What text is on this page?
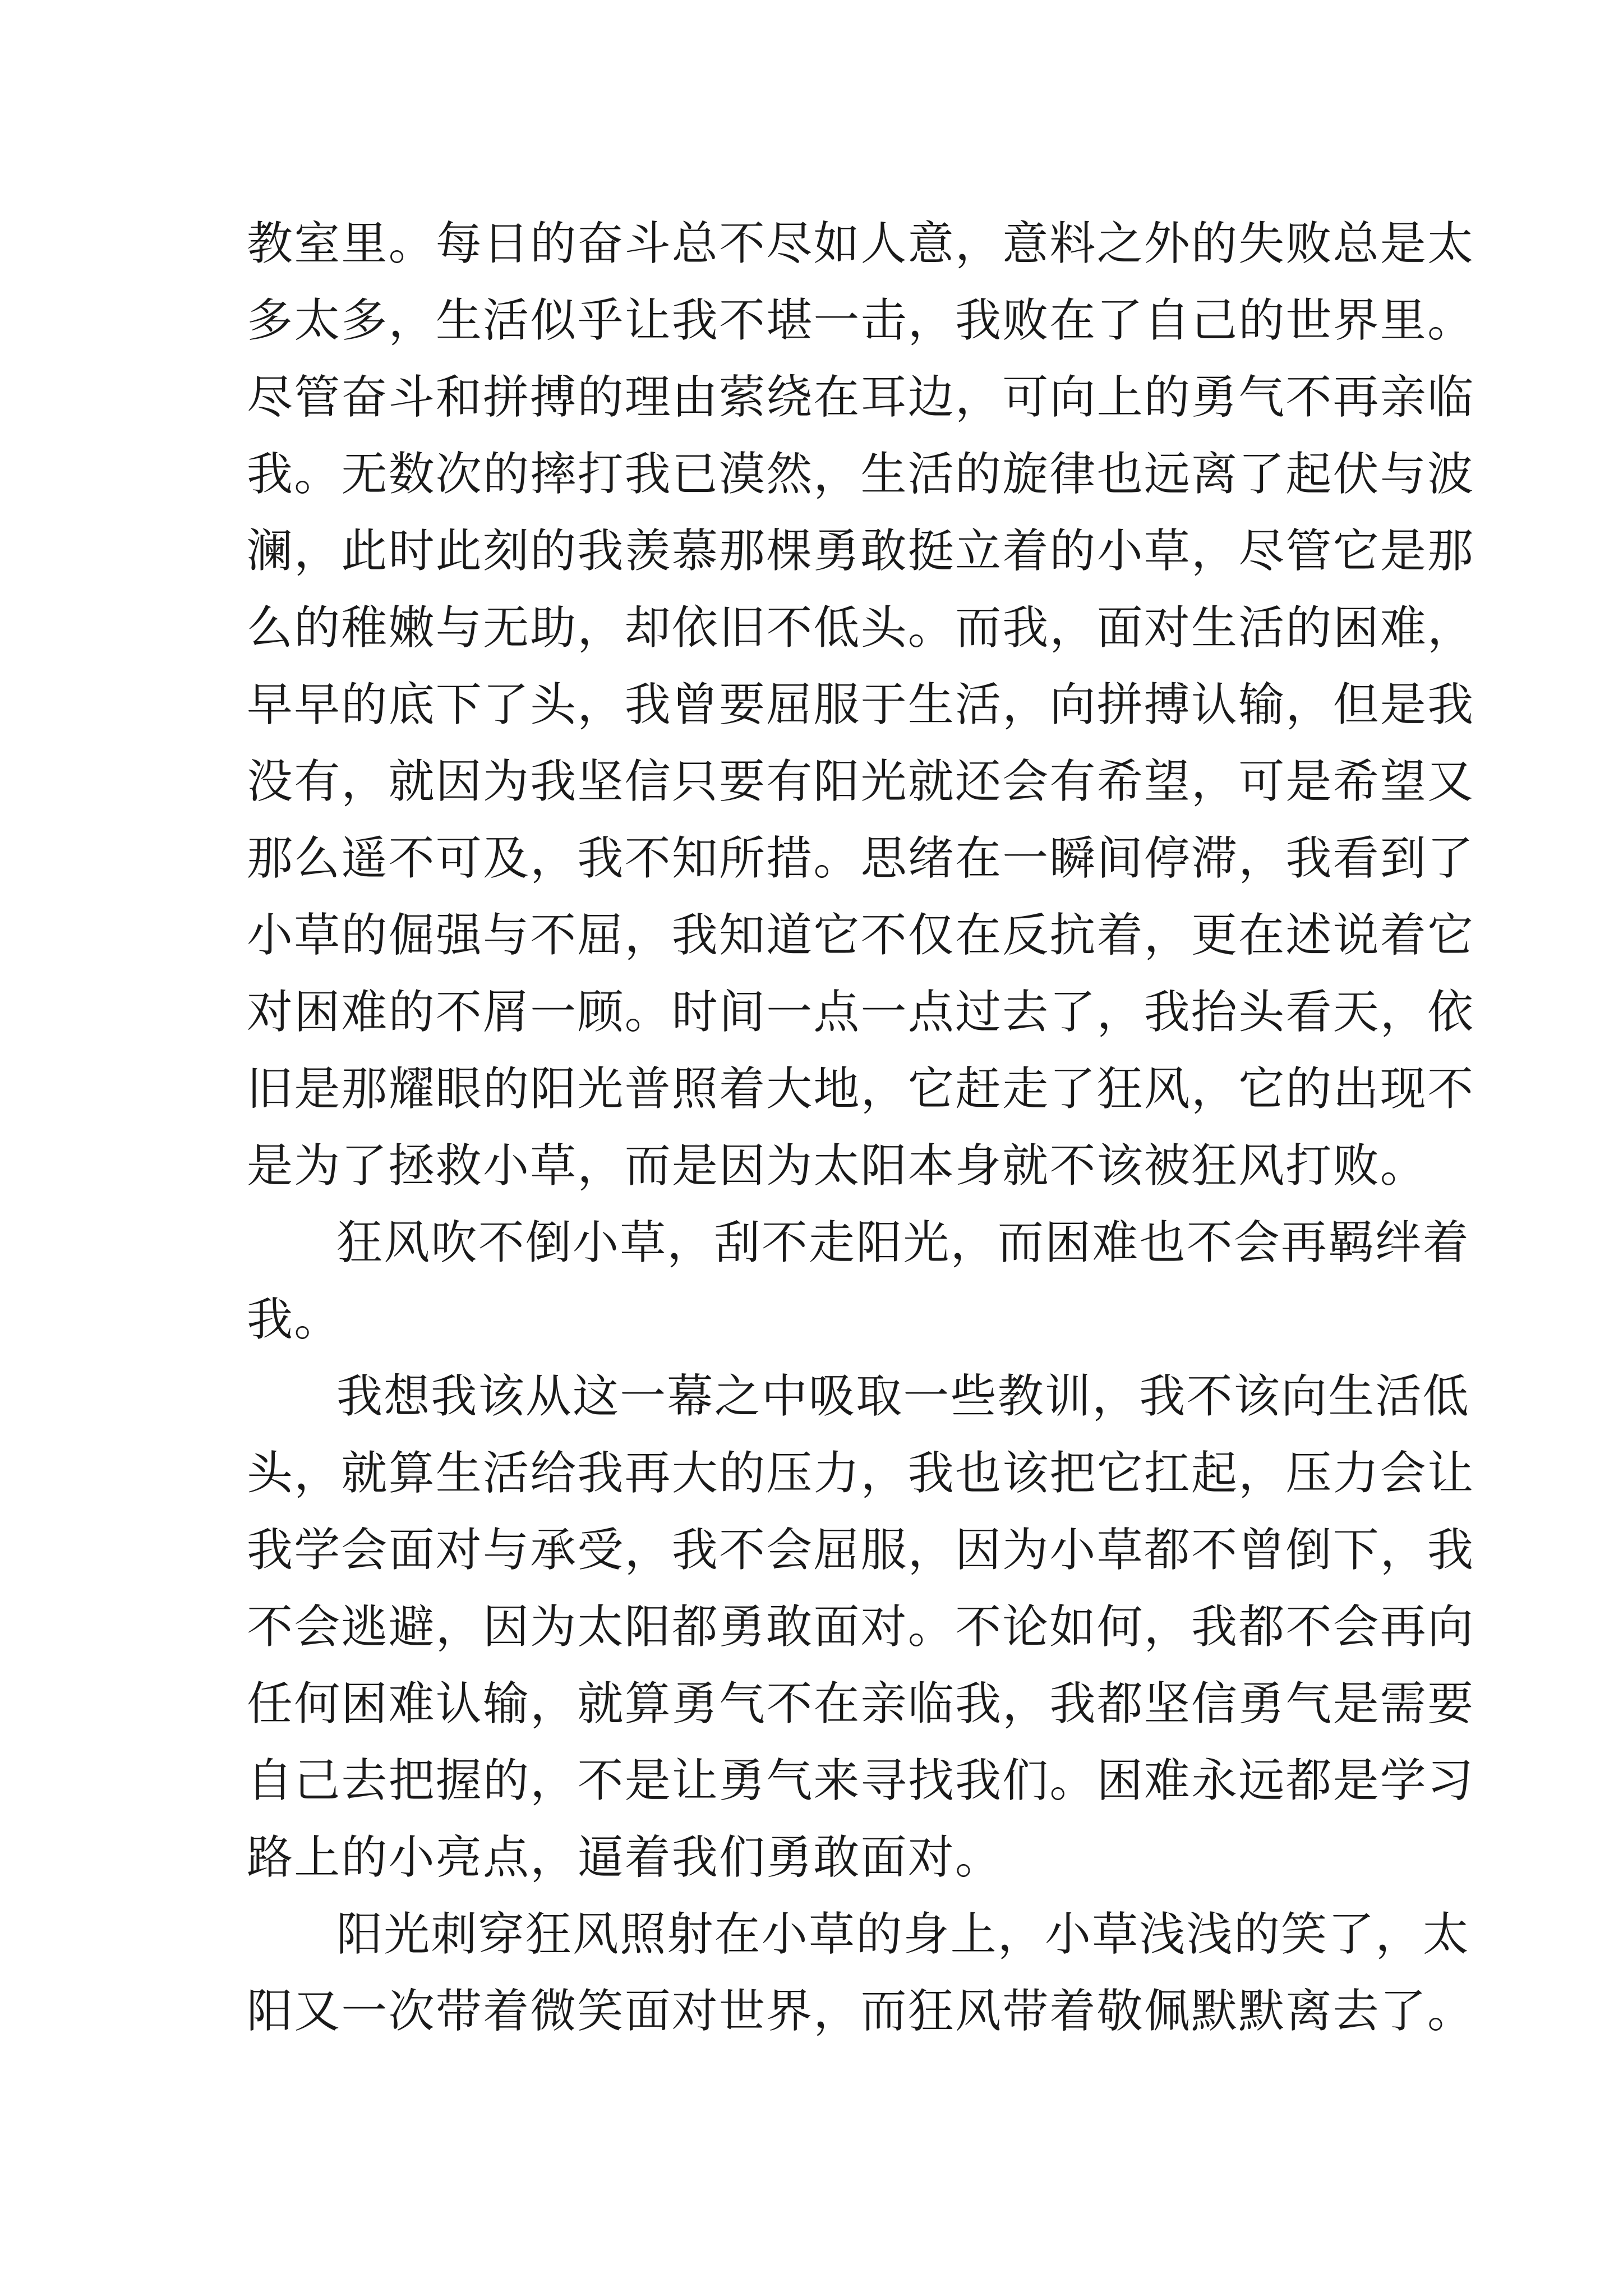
教室里。每日的奋斗总不尽如人意，意料之外的失败总是太
多太多，生活似乎让我不堪一击，我败在了自己的世界里。
尽管奋斗和拼搏的理由萦绕在耳边，可向上的勇气不再亲临
我。无数次的摔打我已漠然，生活的旋律也远离了起伏与波
澜，此时此刻的我羡慕那棵勇敢挺立着的小草，尽管它是那
么的稚嫩与无助，却依旧不低头。而我，面对生活的困难，
早早的底下了头，我曾要屈服于生活，向拼搏认输，但是我
没有，就因为我坚信只要有阳光就还会有希望，可是希望又
那么遥不可及，我不知所措。思绪在一瞬间停滞，我看到了
小草的倔强与不屈，我知道它不仅在反抗着，更在述说着它
对困难的不屑一顾。时间一点一点过去了，我抬头看天，依
旧是那耀眼的阳光普照着大地，它赶走了狂风，它的出现不
是为了拯救小草，而是因为太阳本身就不该被狂风打败。
狂风吹不倒小草，刮不走阳光，而困难也不会再羁绊着
我。
我想我该从这一幕之中吸取一些教训，我不该向生活低
头，就算生活给我再大的压力，我也该把它扛起，压力会让
我学会面对与承受，我不会屈服，因为小草都不曾倒下，我
不会逃避，因为太阳都勇敢面对。不论如何，我都不会再向
任何困难认输，就算勇气不在亲临我，我都坚信勇气是需要
自己去把握的，不是让勇气来寻找我们。困难永远都是学习
路上的小亮点，逼着我们勇敢面对。
阳光刺穿狂风照射在小草的身上，小草浅浅的笑了，太
阳又一次带着微笑面对世界，而狂风带着敬佩默默离去了。
